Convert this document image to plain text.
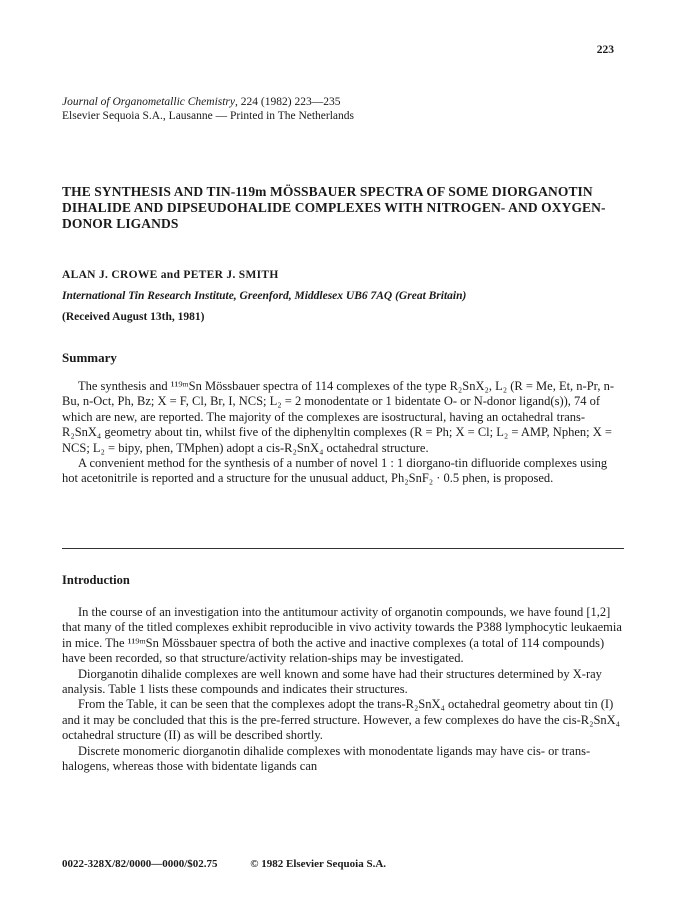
223
Journal of Organometallic Chemistry, 224 (1982) 223—235
Elsevier Sequoia S.A., Lausanne — Printed in The Netherlands
THE SYNTHESIS AND TIN-119m MÖSSBAUER SPECTRA OF SOME DIORGANOTIN DIHALIDE AND DIPSEUDOHALIDE COMPLEXES WITH NITROGEN- AND OXYGEN-DONOR LIGANDS
ALAN J. CROWE and PETER J. SMITH
International Tin Research Institute, Greenford, Middlesex UB6 7AQ (Great Britain)
(Received August 13th, 1981)
Summary

The synthesis and ¹¹⁹ᵐSn Mössbauer spectra of 114 complexes of the type R₂SnX₂, L₂ (R = Me, Et, n-Pr, n-Bu, n-Oct, Ph, Bz; X = F, Cl, Br, I, NCS; L₂ = 2 monodentate or 1 bidentate O- or N-donor ligand(s)), 74 of which are new, are reported. The majority of the complexes are isostructural, having an octahedral trans-R₂SnX₄ geometry about tin, whilst five of the diphenyltin complexes (R = Ph; X = Cl; L₂ = AMP, Nphen; X = NCS; L₂ = bipy, phen, TMphen) adopt a cis-R₂SnX₄ octahedral structure.

A convenient method for the synthesis of a number of novel 1 : 1 diorgano-tin difluoride complexes using hot acetonitrile is reported and a structure for the unusual adduct, Ph₂SnF₂ · 0.5 phen, is proposed.

Introduction

In the course of an investigation into the antitumour activity of organotin compounds, we have found [1,2] that many of the titled complexes exhibit reproducible in vivo activity towards the P388 lymphocytic leukaemia in mice. The ¹¹⁹ᵐSn Mössbauer spectra of both the active and inactive complexes (a total of 114 compounds) have been recorded, so that structure/activity relation-ships may be investigated.

Diorganotin dihalide complexes are well known and some have had their structures determined by X-ray analysis. Table 1 lists these compounds and indicates their structures.

From the Table, it can be seen that the complexes adopt the trans-R₂SnX₄ octahedral geometry about tin (I) and it may be concluded that this is the pre-ferred structure. However, a few complexes do have the cis-R₂SnX₄ octahedral structure (II) as will be described shortly.

Discrete monomeric diorganotin dihalide complexes with monodentate ligands may have cis- or trans-halogens, whereas those with bidentate ligands can

0022-328X/82/0000—0000/$02.75	© 1982 Elsevier Sequoia S.A.
